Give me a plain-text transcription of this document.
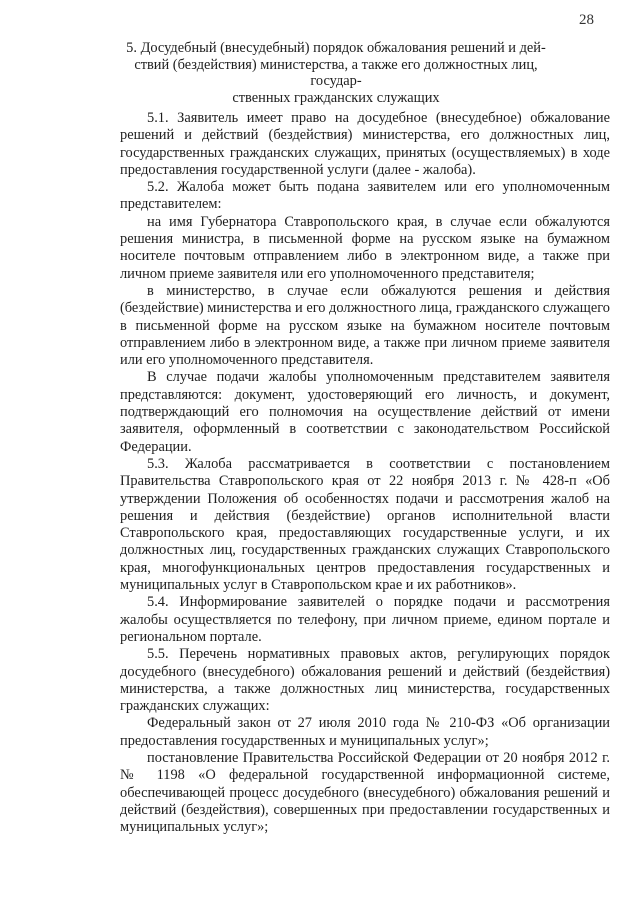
28
5. Досудебный (внесудебный) порядок обжалования решений и дей-
ствий (бездействия) министерства, а также его должностных лиц, государ-
ственных гражданских служащих

5.1. Заявитель имеет право на досудебное (внесудебное) обжалование решений и действий (бездействия) министерства, его должностных лиц, государственных гражданских служащих, принятых (осуществляемых) в ходе предоставления государственной услуги (далее - жалоба).

5.2. Жалоба может быть подана заявителем или его уполномоченным представителем:

на имя Губернатора Ставропольского края, в случае если обжалуются решения министра, в письменной форме на русском языке на бумажном носителе почтовым отправлением либо в электронном виде, а также при личном приеме заявителя или его уполномоченного представителя;

в министерство, в случае если обжалуются решения и действия (бездействие) министерства и его должностного лица, гражданского служащего в письменной форме на русском языке на бумажном носителе почтовым отправлением либо в электронном виде, а также при личном приеме заявителя или его уполномоченного представителя.

В случае подачи жалобы уполномоченным представителем заявителя представляются: документ, удостоверяющий его личность, и документ, подтверждающий его полномочия на осуществление действий от имени заявителя, оформленный в соответствии с законодательством Российской Федерации.

5.3. Жалоба рассматривается в соответствии с постановлением Правительства Ставропольского края от 22 ноября 2013 г. № 428-п «Об утверждении Положения об особенностях подачи и рассмотрения жалоб на решения и действия (бездействие) органов исполнительной власти Ставропольского края, предоставляющих государственные услуги, и их должностных лиц, государственных гражданских служащих Ставропольского края, многофункциональных центров предоставления государственных и муниципальных услуг в Ставропольском крае и их работников».

5.4. Информирование заявителей о порядке подачи и рассмотрения жалобы осуществляется по телефону, при личном приеме, едином портале и региональном портале.

5.5. Перечень нормативных правовых актов, регулирующих порядок досудебного (внесудебного) обжалования решений и действий (бездействия) министерства, а также должностных лиц министерства, государственных гражданских служащих:

Федеральный закон от 27 июля 2010 года № 210-ФЗ «Об организации предоставления государственных и муниципальных услуг»;

постановление Правительства Российской Федерации от 20 ноября 2012 г. № 1198 «О федеральной государственной информационной системе, обеспечивающей процесс досудебного (внесудебного) обжалования решений и действий (бездействия), совершенных при предоставлении государственных и муниципальных услуг»;
